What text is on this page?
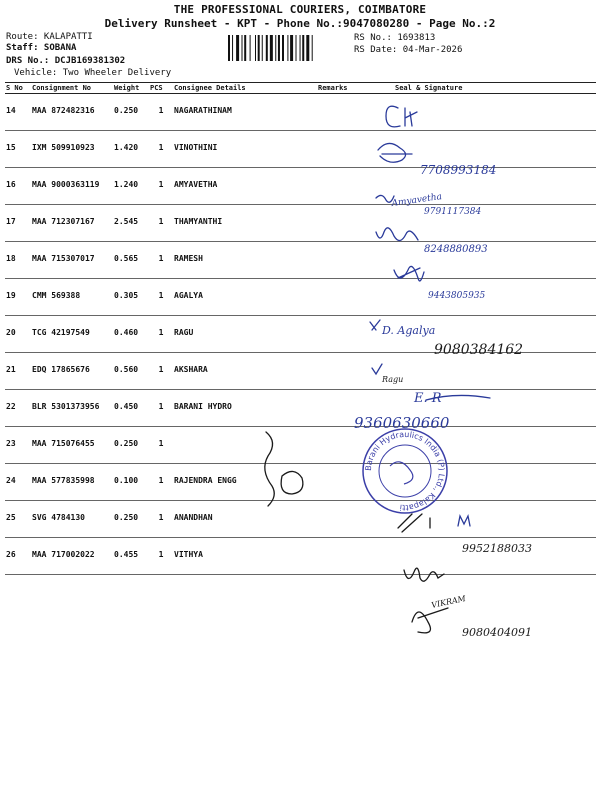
THE PROFESSIONAL COURIERS, COIMBATORE
Delivery Runsheet - KPT - Phone No.:9047080280 - Page No.:2
Route: KALAPATTI
Staff: SOBANA
DRS No.: DCJB169381302
Vehicle: Two Wheeler Delivery
RS No.: 1693813
RS Date: 04-Mar-2026
S No	Consignment No	Weight	PCS	Consignee Details	Remarks	Seal & Signature
14	MAA 872482316	0.250	1	NAGARATHINAM		
15	IXM 509910923	1.420	1	VINOTHINI		
16	MAA 9000363119	1.240	1	AMYAVETHA		
17	MAA 712307167	2.545	1	THAMYANTHI		
18	MAA 715307017	0.565	1	RAMESH		
19	CMM 569388	0.305	1	AGALYA		
20	TCG 42197549	0.460	1	RAGU		
21	EDQ 17865676	0.560	1	AKSHARA		
22	BLR 5301373956	0.450	1	BARANI HYDRO		
23	MAA 715076455	0.250	1			
24	MAA 577835998	0.100	1	RAJENDRA ENGG		
25	SVG 4784130	0.250	1	ANANDHAN		
26	MAA 717002022	0.455	1	VITHYA		
7708993184
Amyavetha
9791117384
8248880893
9443805935
D. Agalya
9080384162
Ragu
E. R
9360630660
9952188033
VIKRAM
9080404091
Barani Hydraulics India (P) Ltd., Kalapatti
